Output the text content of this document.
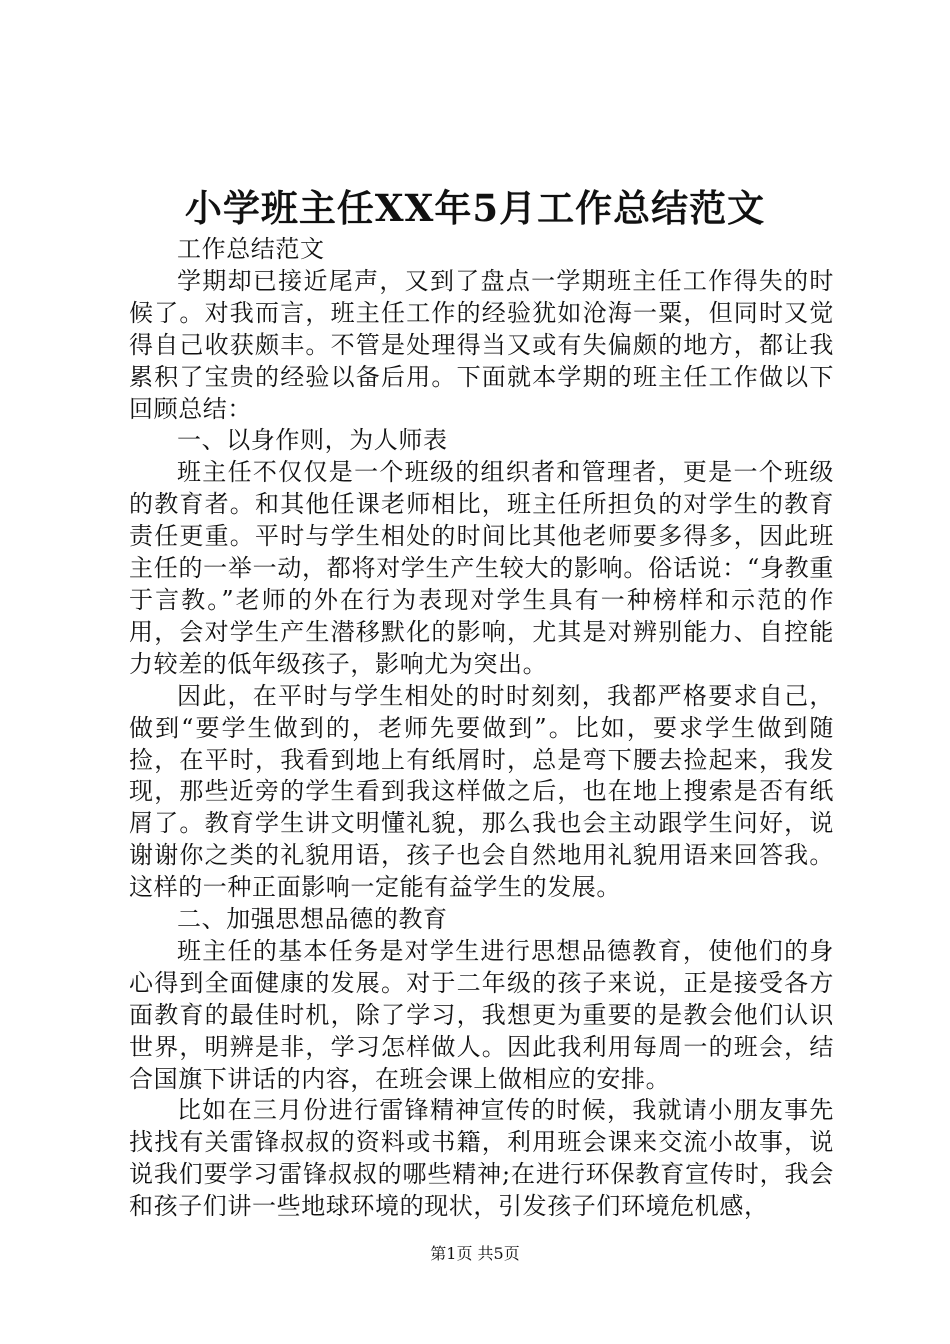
小学班主任XX年5月工作总结范文

工作总结范文

学期却已接近尾声，又到了盘点一学期班主任工作得失的时候了。对我而言，班主任工作的经验犹如沧海一粟，但同时又觉得自己收获颇丰。不管是处理得当又或有失偏颇的地方，都让我累积了宝贵的经验以备后用。下面就本学期的班主任工作做以下回顾总结：

一、以身作则，为人师表

班主任不仅仅是一个班级的组织者和管理者，更是一个班级的教育者。和其他任课老师相比，班主任所担负的对学生的教育责任更重。平时与学生相处的时间比其他老师要多得多，因此班主任的一举一动，都将对学生产生较大的影响。俗话说：“身教重于言教。”老师的外在行为表现对学生具有一种榜样和示范的作用，会对学生产生潜移默化的影响，尤其是对辨别能力、自控能力较差的低年级孩子，影响尤为突出。

因此，在平时与学生相处的时时刻刻，我都严格要求自己，做到“要学生做到的，老师先要做到”。比如，要求学生做到随捡，在平时，我看到地上有纸屑时，总是弯下腰去捡起来，我发现，那些近旁的学生看到我这样做之后，也在地上搜索是否有纸屑了。教育学生讲文明懂礼貌，那么我也会主动跟学生问好，说谢谢你之类的礼貌用语，孩子也会自然地用礼貌用语来回答我。这样的一种正面影响一定能有益学生的发展。

二、加强思想品德的教育

班主任的基本任务是对学生进行思想品德教育，使他们的身心得到全面健康的发展。对于二年级的孩子来说，正是接受各方面教育的最佳时机，除了学习，我想更为重要的是教会他们认识世界，明辨是非，学习怎样做人。因此我利用每周一的班会，结合国旗下讲话的内容，在班会课上做相应的安排。

比如在三月份进行雷锋精神宣传的时候，我就请小朋友事先找找有关雷锋叔叔的资料或书籍，利用班会课来交流小故事，说说我们要学习雷锋叔叔的哪些精神;在进行环保教育宣传时，我会和孩子们讲一些地球环境的现状，引发孩子们环境危机感，

第1页 共5页
